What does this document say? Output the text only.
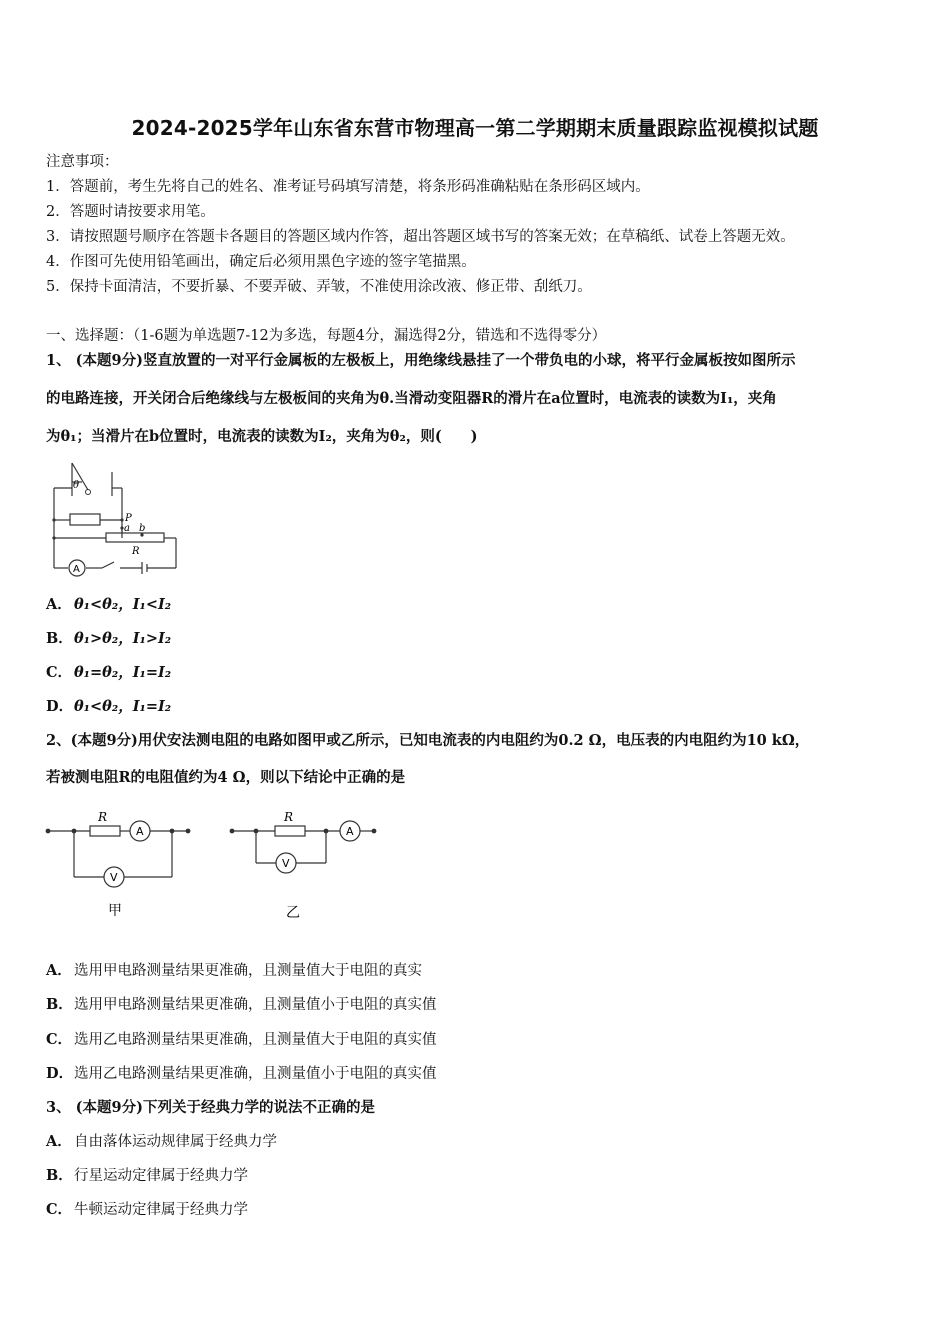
2024-2025学年山东省东营市物理高一第二学期期末质量跟踪监视模拟试题
注意事项：
1．答题前，考生先将自己的姓名、准考证号码填写清楚，将条形码准确粘贴在条形码区域内。
2．答题时请按要求用笔。
3．请按照题号顺序在答题卡各题目的答题区域内作答，超出答题区域书写的答案无效；在草稿纸、试卷上答题无效。
4．作图可先使用铅笔画出，确定后必须用黑色字迹的签字笔描黑。
5．保持卡面清洁，不要折暴、不要弄破、弄皱，不准使用涂改液、修正带、刮纸刀。
一、选择题：（1-6题为单选题7-12为多选，每题4分，漏选得2分，错选和不选得零分）
1、 (本题9分)竖直放置的一对平行金属板的左极板上，用绝缘线悬挂了一个带负电的小球，将平行金属板按如图所示
的电路连接，开关闭合后绝缘线与左极板间的夹角为θ.当滑动变阻器R的滑片在a位置时，电流表的读数为I₁，夹角
为θ₁；当滑片在b位置时，电流表的读数为I₂，夹角为θ₂，则(　　)
θ
P
a b
R
A
A． θ₁<θ₂，I₁<I₂
B．θ₁>θ₂，I₁>I₂
C． θ₁=θ₂，I₁=I₂
D．θ₁<θ₂，I₁=I₂
2、(本题9分)用伏安法测电阻的电路如图甲或乙所示，已知电流表的内电阻约为0.2 Ω，电压表的内电阻约为10 kΩ，
若被测电阻R的电阻值约为4 Ω，则以下结论中正确的是
R
A
V
甲
R
A
V
乙
A． 选用甲电路测量结果更准确，且测量值大于电阻的真实
B．选用甲电路测量结果更准确，且测量值小于电阻的真实值
C． 选用乙电路测量结果更准确，且测量值大于电阻的真实值
D．选用乙电路测量结果更准确，且测量值小于电阻的真实值
3、 (本题9分)下列关于经典力学的说法不正确的是
A． 自由落体运动规律属于经典力学
B．行星运动定律属于经典力学
C． 牛顿运动定律属于经典力学
